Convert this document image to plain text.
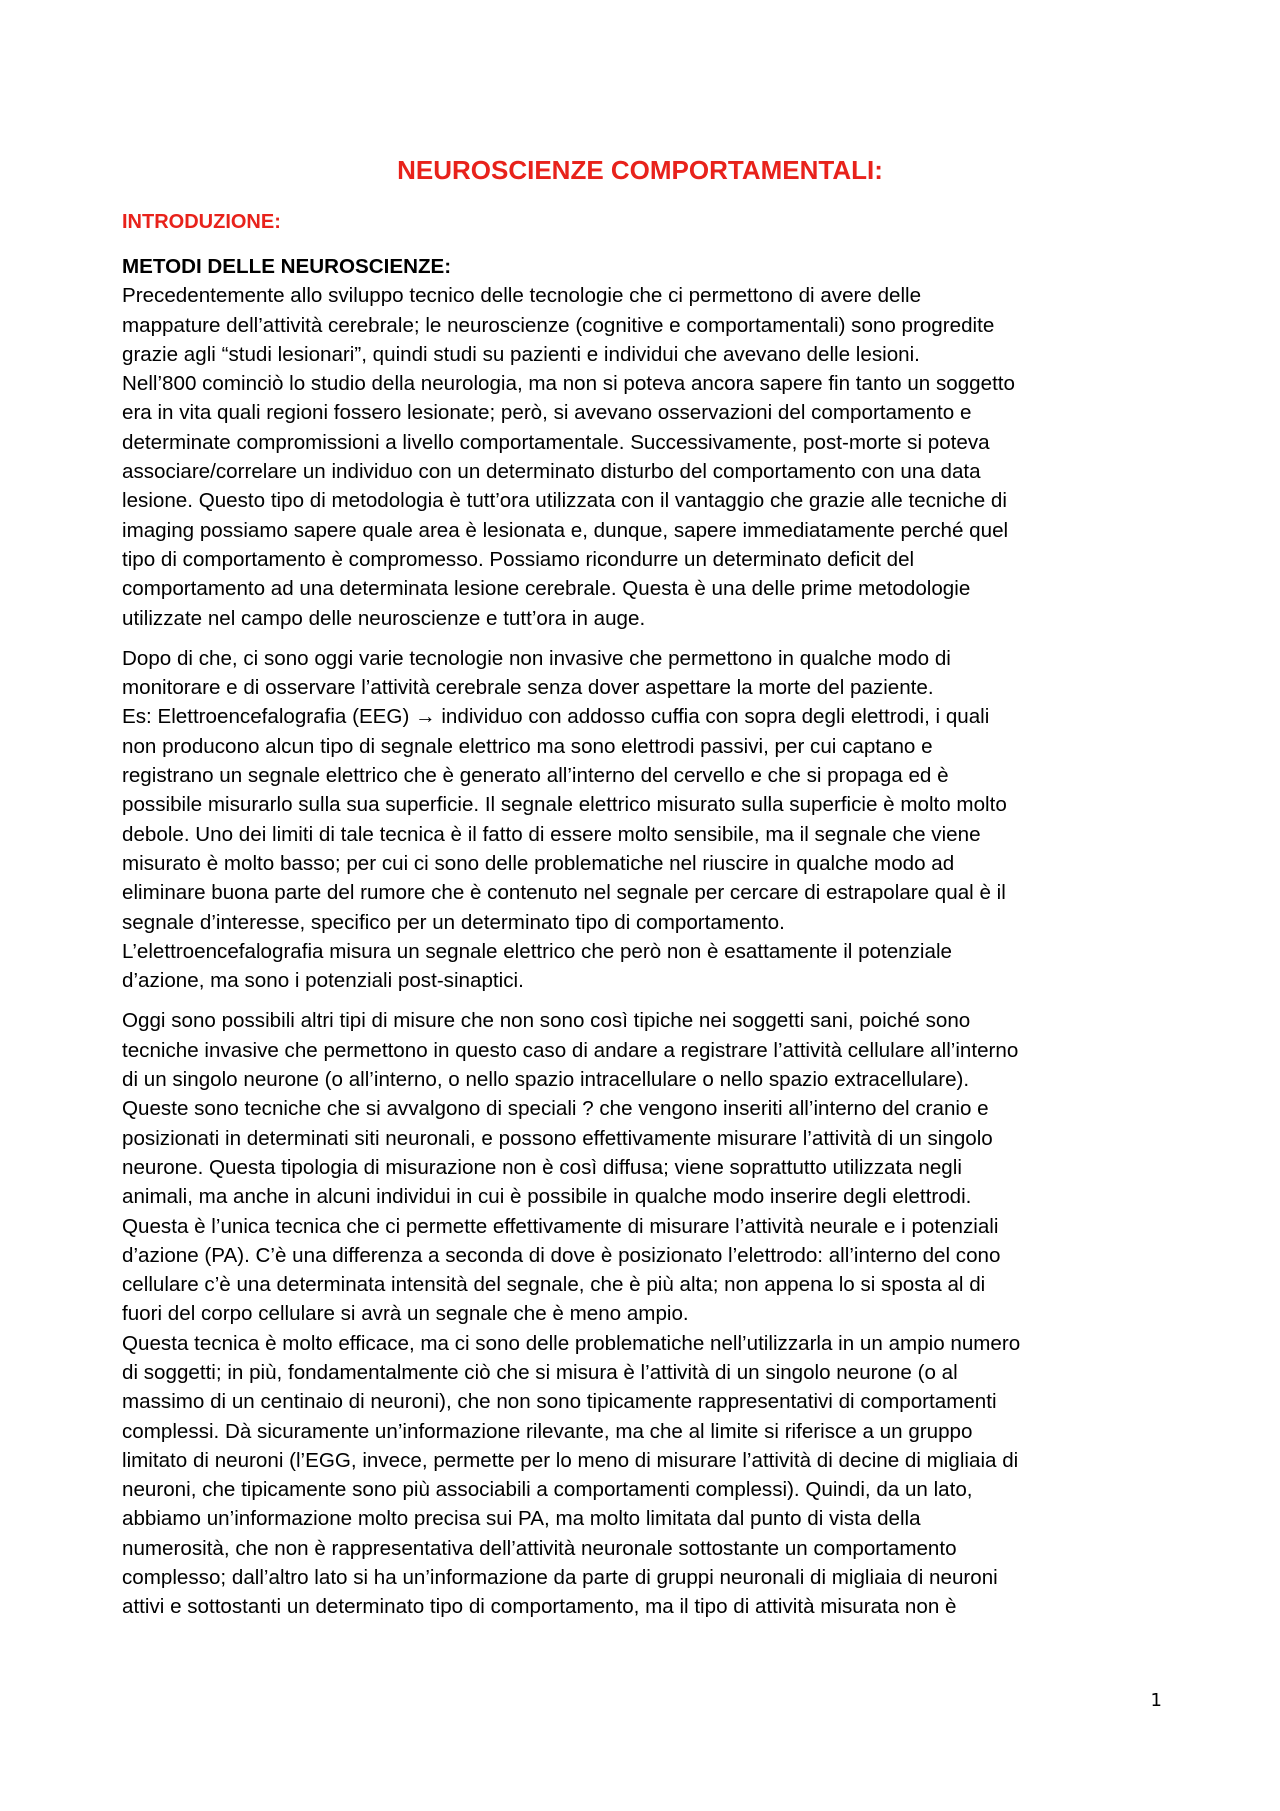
NEUROSCIENZE COMPORTAMENTALI:
INTRODUZIONE:
METODI DELLE NEUROSCIENZE:
Precedentemente allo sviluppo tecnico delle tecnologie che ci permettono di avere delle
mappature dell’attività cerebrale; le neuroscienze (cognitive e comportamentali) sono progredite
grazie agli “studi lesionari”, quindi studi su pazienti e individui che avevano delle lesioni.
Nell’800 cominciò lo studio della neurologia, ma non si poteva ancora sapere fin tanto un soggetto
era in vita quali regioni fossero lesionate; però, si avevano osservazioni del comportamento e
determinate compromissioni a livello comportamentale. Successivamente, post-morte si poteva
associare/correlare un individuo con un determinato disturbo del comportamento con una data
lesione. Questo tipo di metodologia è tutt’ora utilizzata con il vantaggio che grazie alle tecniche di
imaging possiamo sapere quale area è lesionata e, dunque, sapere immediatamente perché quel
tipo di comportamento è compromesso. Possiamo ricondurre un determinato deficit del
comportamento ad una determinata lesione cerebrale. Questa è una delle prime metodologie
utilizzate nel campo delle neuroscienze e tutt’ora in auge.
Dopo di che, ci sono oggi varie tecnologie non invasive che permettono in qualche modo di
monitorare e di osservare l’attività cerebrale senza dover aspettare la morte del paziente.
Es: Elettroencefalografia (EEG) → individuo con addosso cuffia con sopra degli elettrodi, i quali
non producono alcun tipo di segnale elettrico ma sono elettrodi passivi, per cui captano e
registrano un segnale elettrico che è generato all’interno del cervello e che si propaga ed è
possibile misurarlo sulla sua superficie. Il segnale elettrico misurato sulla superficie è molto molto
debole. Uno dei limiti di tale tecnica è il fatto di essere molto sensibile, ma il segnale che viene
misurato è molto basso; per cui ci sono delle problematiche nel riuscire in qualche modo ad
eliminare buona parte del rumore che è contenuto nel segnale per cercare di estrapolare qual è il
segnale d’interesse, specifico per un determinato tipo di comportamento.
L’elettroencefalografia misura un segnale elettrico che però non è esattamente il potenziale
d’azione, ma sono i potenziali post-sinaptici.
Oggi sono possibili altri tipi di misure che non sono così tipiche nei soggetti sani, poiché sono
tecniche invasive che permettono in questo caso di andare a registrare l’attività cellulare all’interno
di un singolo neurone (o all’interno, o nello spazio intracellulare o nello spazio extracellulare).
Queste sono tecniche che si avvalgono di speciali ? che vengono inseriti all’interno del cranio e
posizionati in determinati siti neuronali, e possono effettivamente misurare l’attività di un singolo
neurone. Questa tipologia di misurazione non è così diffusa; viene soprattutto utilizzata negli
animali, ma anche in alcuni individui in cui è possibile in qualche modo inserire degli elettrodi.
Questa è l’unica tecnica che ci permette effettivamente di misurare l’attività neurale e i potenziali
d’azione (PA). C’è una differenza a seconda di dove è posizionato l’elettrodo: all’interno del cono
cellulare c’è una determinata intensità del segnale, che è più alta; non appena lo si sposta al di
fuori del corpo cellulare si avrà un segnale che è meno ampio.
Questa tecnica è molto efficace, ma ci sono delle problematiche nell’utilizzarla in un ampio numero
di soggetti; in più, fondamentalmente ciò che si misura è l’attività di un singolo neurone (o al
massimo di un centinaio di neuroni), che non sono tipicamente rappresentativi di comportamenti
complessi. Dà sicuramente un’informazione rilevante, ma che al limite si riferisce a un gruppo
limitato di neuroni (l’EGG, invece, permette per lo meno di misurare l’attività di decine di migliaia di
neuroni, che tipicamente sono più associabili a comportamenti complessi). Quindi, da un lato,
abbiamo un’informazione molto precisa sui PA, ma molto limitata dal punto di vista della
numerosità, che non è rappresentativa dell’attività neuronale sottostante un comportamento
complesso; dall’altro lato si ha un’informazione da parte di gruppi neuronali di migliaia di neuroni
attivi e sottostanti un determinato tipo di comportamento, ma il tipo di attività misurata non è
1
